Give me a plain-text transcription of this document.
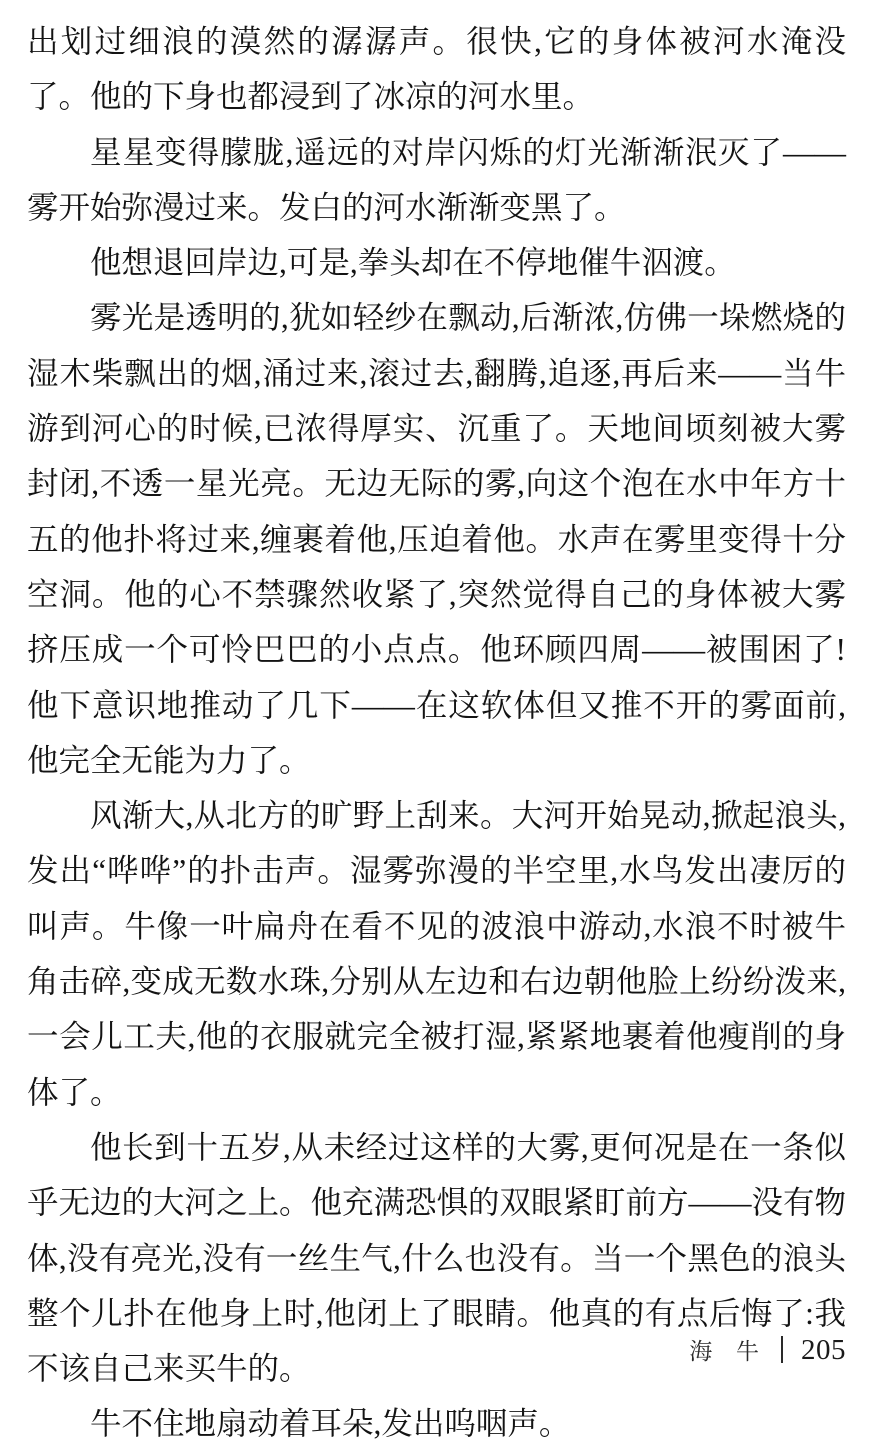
出划过细浪的漠然的潺潺声。很快,它的身体被河水淹没了。他的下身也都浸到了冰凉的河水里。

星星变得朦胧,遥远的对岸闪烁的灯光渐渐泯灭了——雾开始弥漫过来。发白的河水渐渐变黑了。

他想退回岸边,可是,拳头却在不停地催牛泅渡。

雾光是透明的,犹如轻纱在飘动,后渐浓,仿佛一垛燃烧的湿木柴飘出的烟,涌过来,滚过去,翻腾,追逐,再后来——当牛游到河心的时候,已浓得厚实、沉重了。天地间顷刻被大雾封闭,不透一星光亮。无边无际的雾,向这个泡在水中年方十五的他扑将过来,缠裹着他,压迫着他。水声在雾里变得十分空洞。他的心不禁骤然收紧了,突然觉得自己的身体被大雾挤压成一个可怜巴巴的小点点。他环顾四周——被围困了!他下意识地推动了几下——在这软体但又推不开的雾面前,他完全无能为力了。

风渐大,从北方的旷野上刮来。大河开始晃动,掀起浪头,发出“哗哗”的扑击声。湿雾弥漫的半空里,水鸟发出凄厉的叫声。牛像一叶扁舟在看不见的波浪中游动,水浪不时被牛角击碎,变成无数水珠,分别从左边和右边朝他脸上纷纷泼来,一会儿工夫,他的衣服就完全被打湿,紧紧地裹着他瘦削的身体了。

他长到十五岁,从未经过这样的大雾,更何况是在一条似乎无边的大河之上。他充满恐惧的双眼紧盯前方——没有物体,没有亮光,没有一丝生气,什么也没有。当一个黑色的浪头整个儿扑在他身上时,他闭上了眼睛。他真的有点后悔了:我不该自己来买牛的。

牛不住地扇动着耳朵,发出呜咽声。

海 牛	205
